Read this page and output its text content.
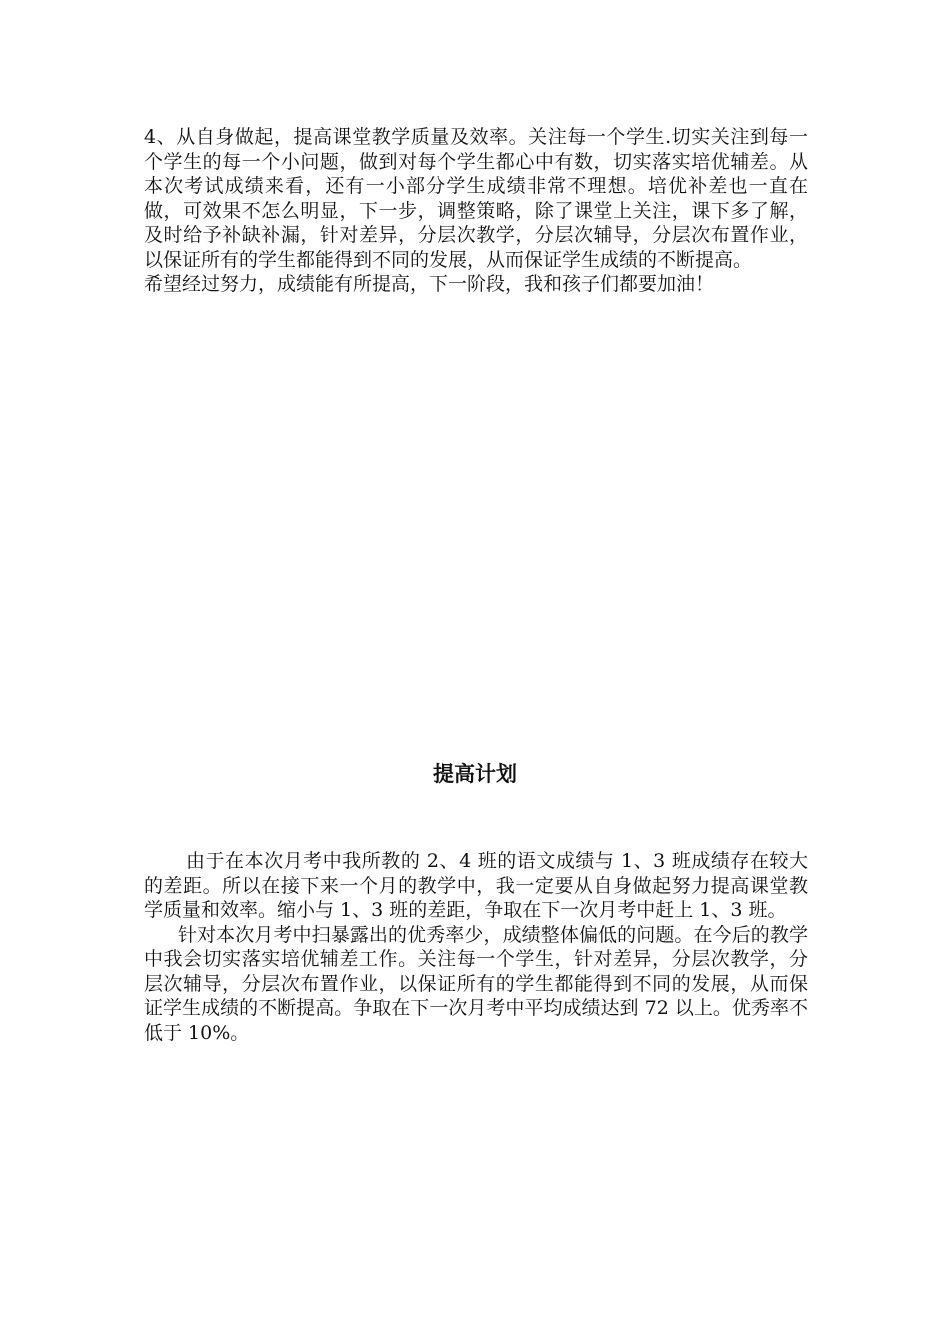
4、从自身做起，提高课堂教学质量及效率。关注每一个学生.切实关注到每一个学生的每一个小问题，做到对每个学生都心中有数，切实落实培优辅差。从本次考试成绩来看，还有一小部分学生成绩非常不理想。培优补差也一直在做，可效果不怎么明显，下一步，调整策略，除了课堂上关注，课下多了解，及时给予补缺补漏，针对差异，分层次教学，分层次辅导，分层次布置作业，以保证所有的学生都能得到不同的发展，从而保证学生成绩的不断提高。

希望经过努力，成绩能有所提高，下一阶段，我和孩子们都要加油！

提高计划

由于在本次月考中我所教的 2、4 班的语文成绩与 1、3 班成绩存在较大的差距。所以在接下来一个月的教学中，我一定要从自身做起努力提高课堂教学质量和效率。缩小与 1、3 班的差距，争取在下一次月考中赶上 1、3 班。

针对本次月考中扫暴露出的优秀率少，成绩整体偏低的问题。在今后的教学中我会切实落实培优辅差工作。关注每一个学生，针对差异，分层次教学，分层次辅导，分层次布置作业，以保证所有的学生都能得到不同的发展，从而保证学生成绩的不断提高。争取在下一次月考中平均成绩达到 72 以上。优秀率不低于 10%。
